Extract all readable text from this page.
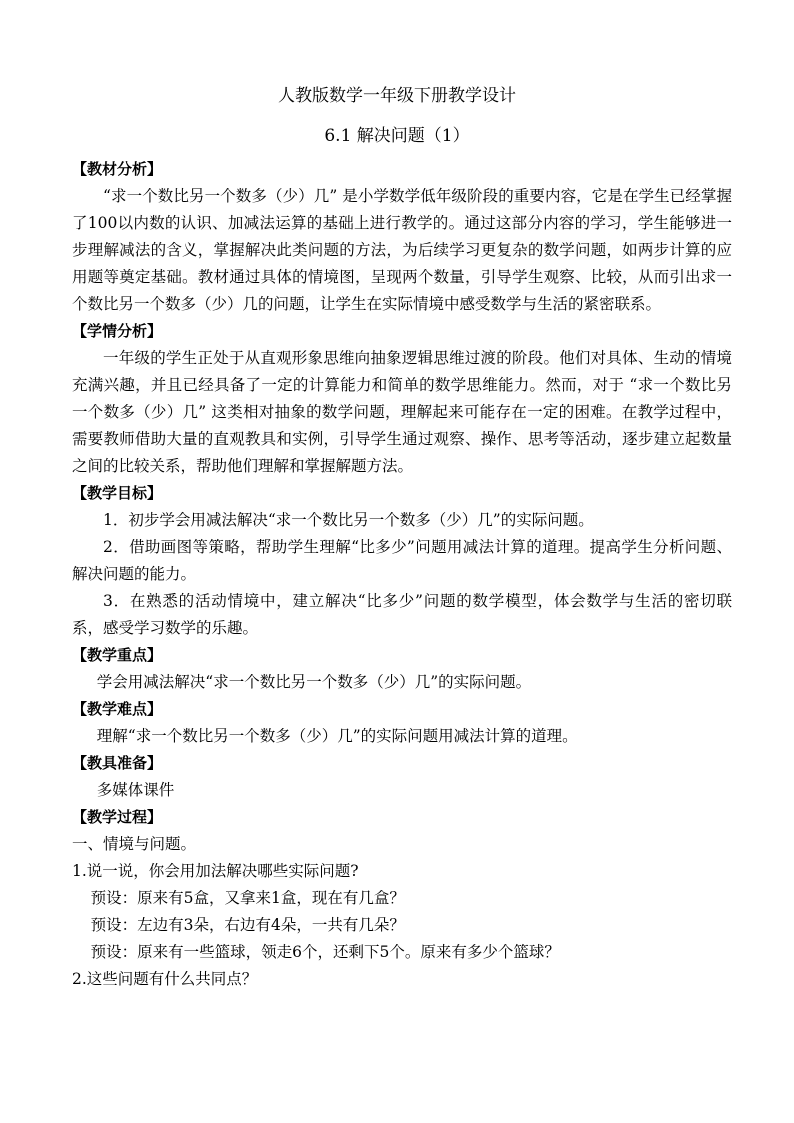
人教版数学一年级下册教学设计
6.1 解决问题（1）
【教材分析】

“求一个数比另一个数多（少）几” 是小学数学低年级阶段的重要内容，它是在学生已经掌握了100以内数的认识、加减法运算的基础上进行教学的。通过这部分内容的学习，学生能够进一步理解减法的含义，掌握解决此类问题的方法，为后续学习更复杂的数学问题，如两步计算的应用题等奠定基础。教材通过具体的情境图，呈现两个数量，引导学生观察、比较，从而引出求一个数比另一个数多（少）几的问题，让学生在实际情境中感受数学与生活的紧密联系。

【学情分析】

一年级的学生正处于从直观形象思维向抽象逻辑思维过渡的阶段。他们对具体、生动的情境充满兴趣，并且已经具备了一定的计算能力和简单的数学思维能力。然而，对于 “求一个数比另一个数多（少）几” 这类相对抽象的数学问题，理解起来可能存在一定的困难。在教学过程中，需要教师借助大量的直观教具和实例，引导学生通过观察、操作、思考等活动，逐步建立起数量之间的比较关系，帮助他们理解和掌握解题方法。

【教学目标】

1．初步学会用减法解决“求一个数比另一个数多（少）几”的实际问题。

2．借助画图等策略，帮助学生理解“比多少”问题用减法计算的道理。提高学生分析问题、解决问题的能力。

3．在熟悉的活动情境中，建立解决“比多少”问题的数学模型，体会数学与生活的密切联系，感受学习数学的乐趣。

【教学重点】

学会用减法解决“求一个数比另一个数多（少）几”的实际问题。

【教学难点】

理解“求一个数比另一个数多（少）几”的实际问题用减法计算的道理。

【教具准备】

多媒体课件

【教学过程】

一、情境与问题。

1.说一说，你会用加法解决哪些实际问题?

预设：原来有5盒，又拿来1盒，现在有几盒？

预设：左边有3朵，右边有4朵，一共有几朵？

预设：原来有一些篮球，领走6个，还剩下5个。原来有多少个篮球？

2.这些问题有什么共同点？
